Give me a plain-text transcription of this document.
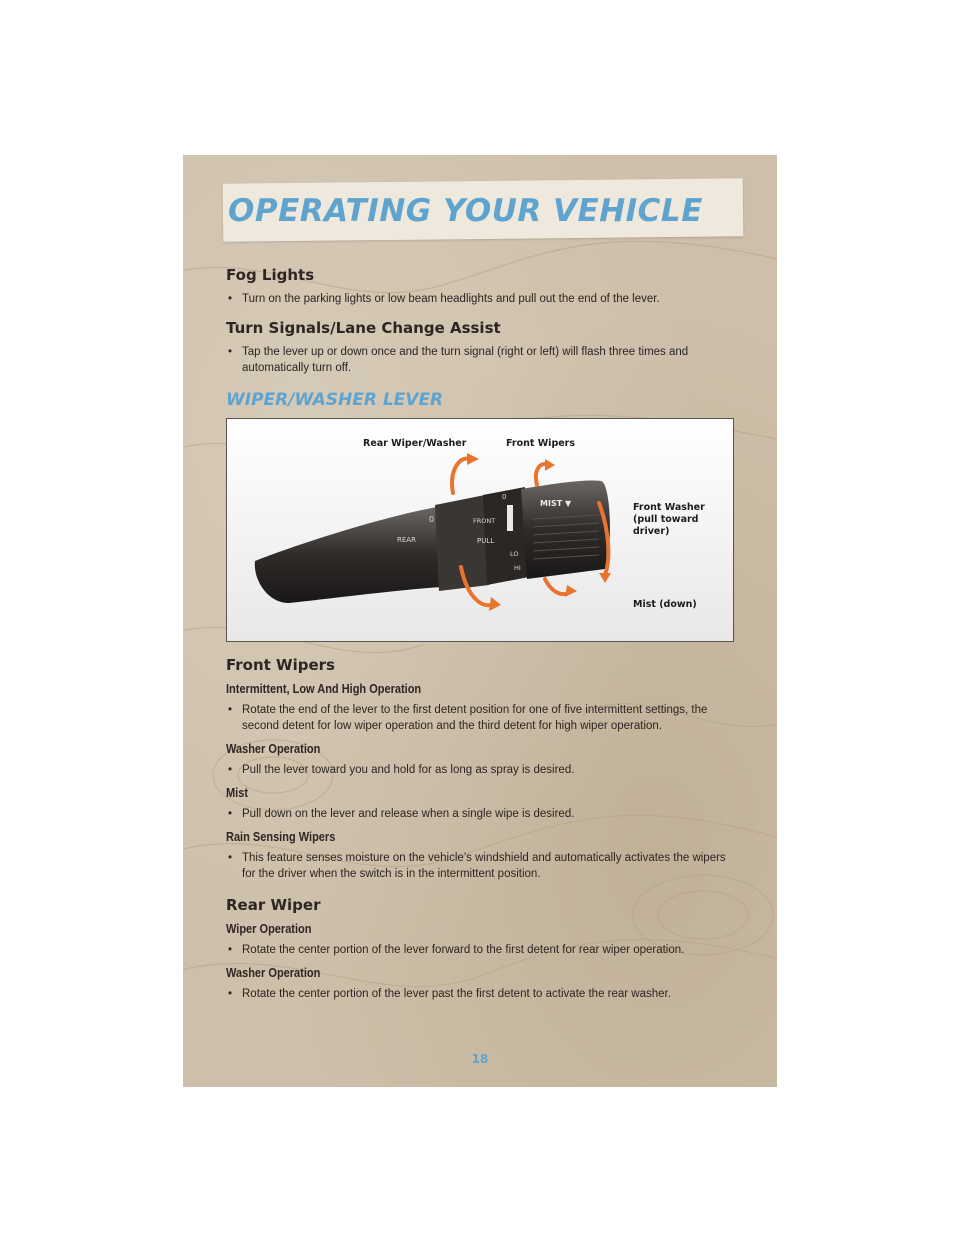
OPERATING YOUR VEHICLE
Fog Lights
• Turn on the parking lights or low beam headlights and pull out the end of the lever.
Turn Signals/Lane Change Assist
• Tap the lever up or down once and the turn signal (right or left) will flash three times and automatically turn off.
WIPER/WASHER LEVER
REAR
FRONT
PULL
MIST ▼
LO
HI
0
0
Rear Wiper/Washer	Front Wipers
Front Washer (pull toward driver)
Mist (down)
Front Wipers
Intermittent, Low And High Operation
• Rotate the end of the lever to the first detent position for one of five intermittent settings, the second detent for low wiper operation and the third detent for high wiper operation.
Washer Operation
• Pull the lever toward you and hold for as long as spray is desired.
Mist
• Pull down on the lever and release when a single wipe is desired.
Rain Sensing Wipers
• This feature senses moisture on the vehicle’s windshield and automatically activates the wipers for the driver when the switch is in the intermittent position.
Rear Wiper
Wiper Operation
• Rotate the center portion of the lever forward to the first detent for rear wiper operation.
Washer Operation
• Rotate the center portion of the lever past the first detent to activate the rear washer.
18
